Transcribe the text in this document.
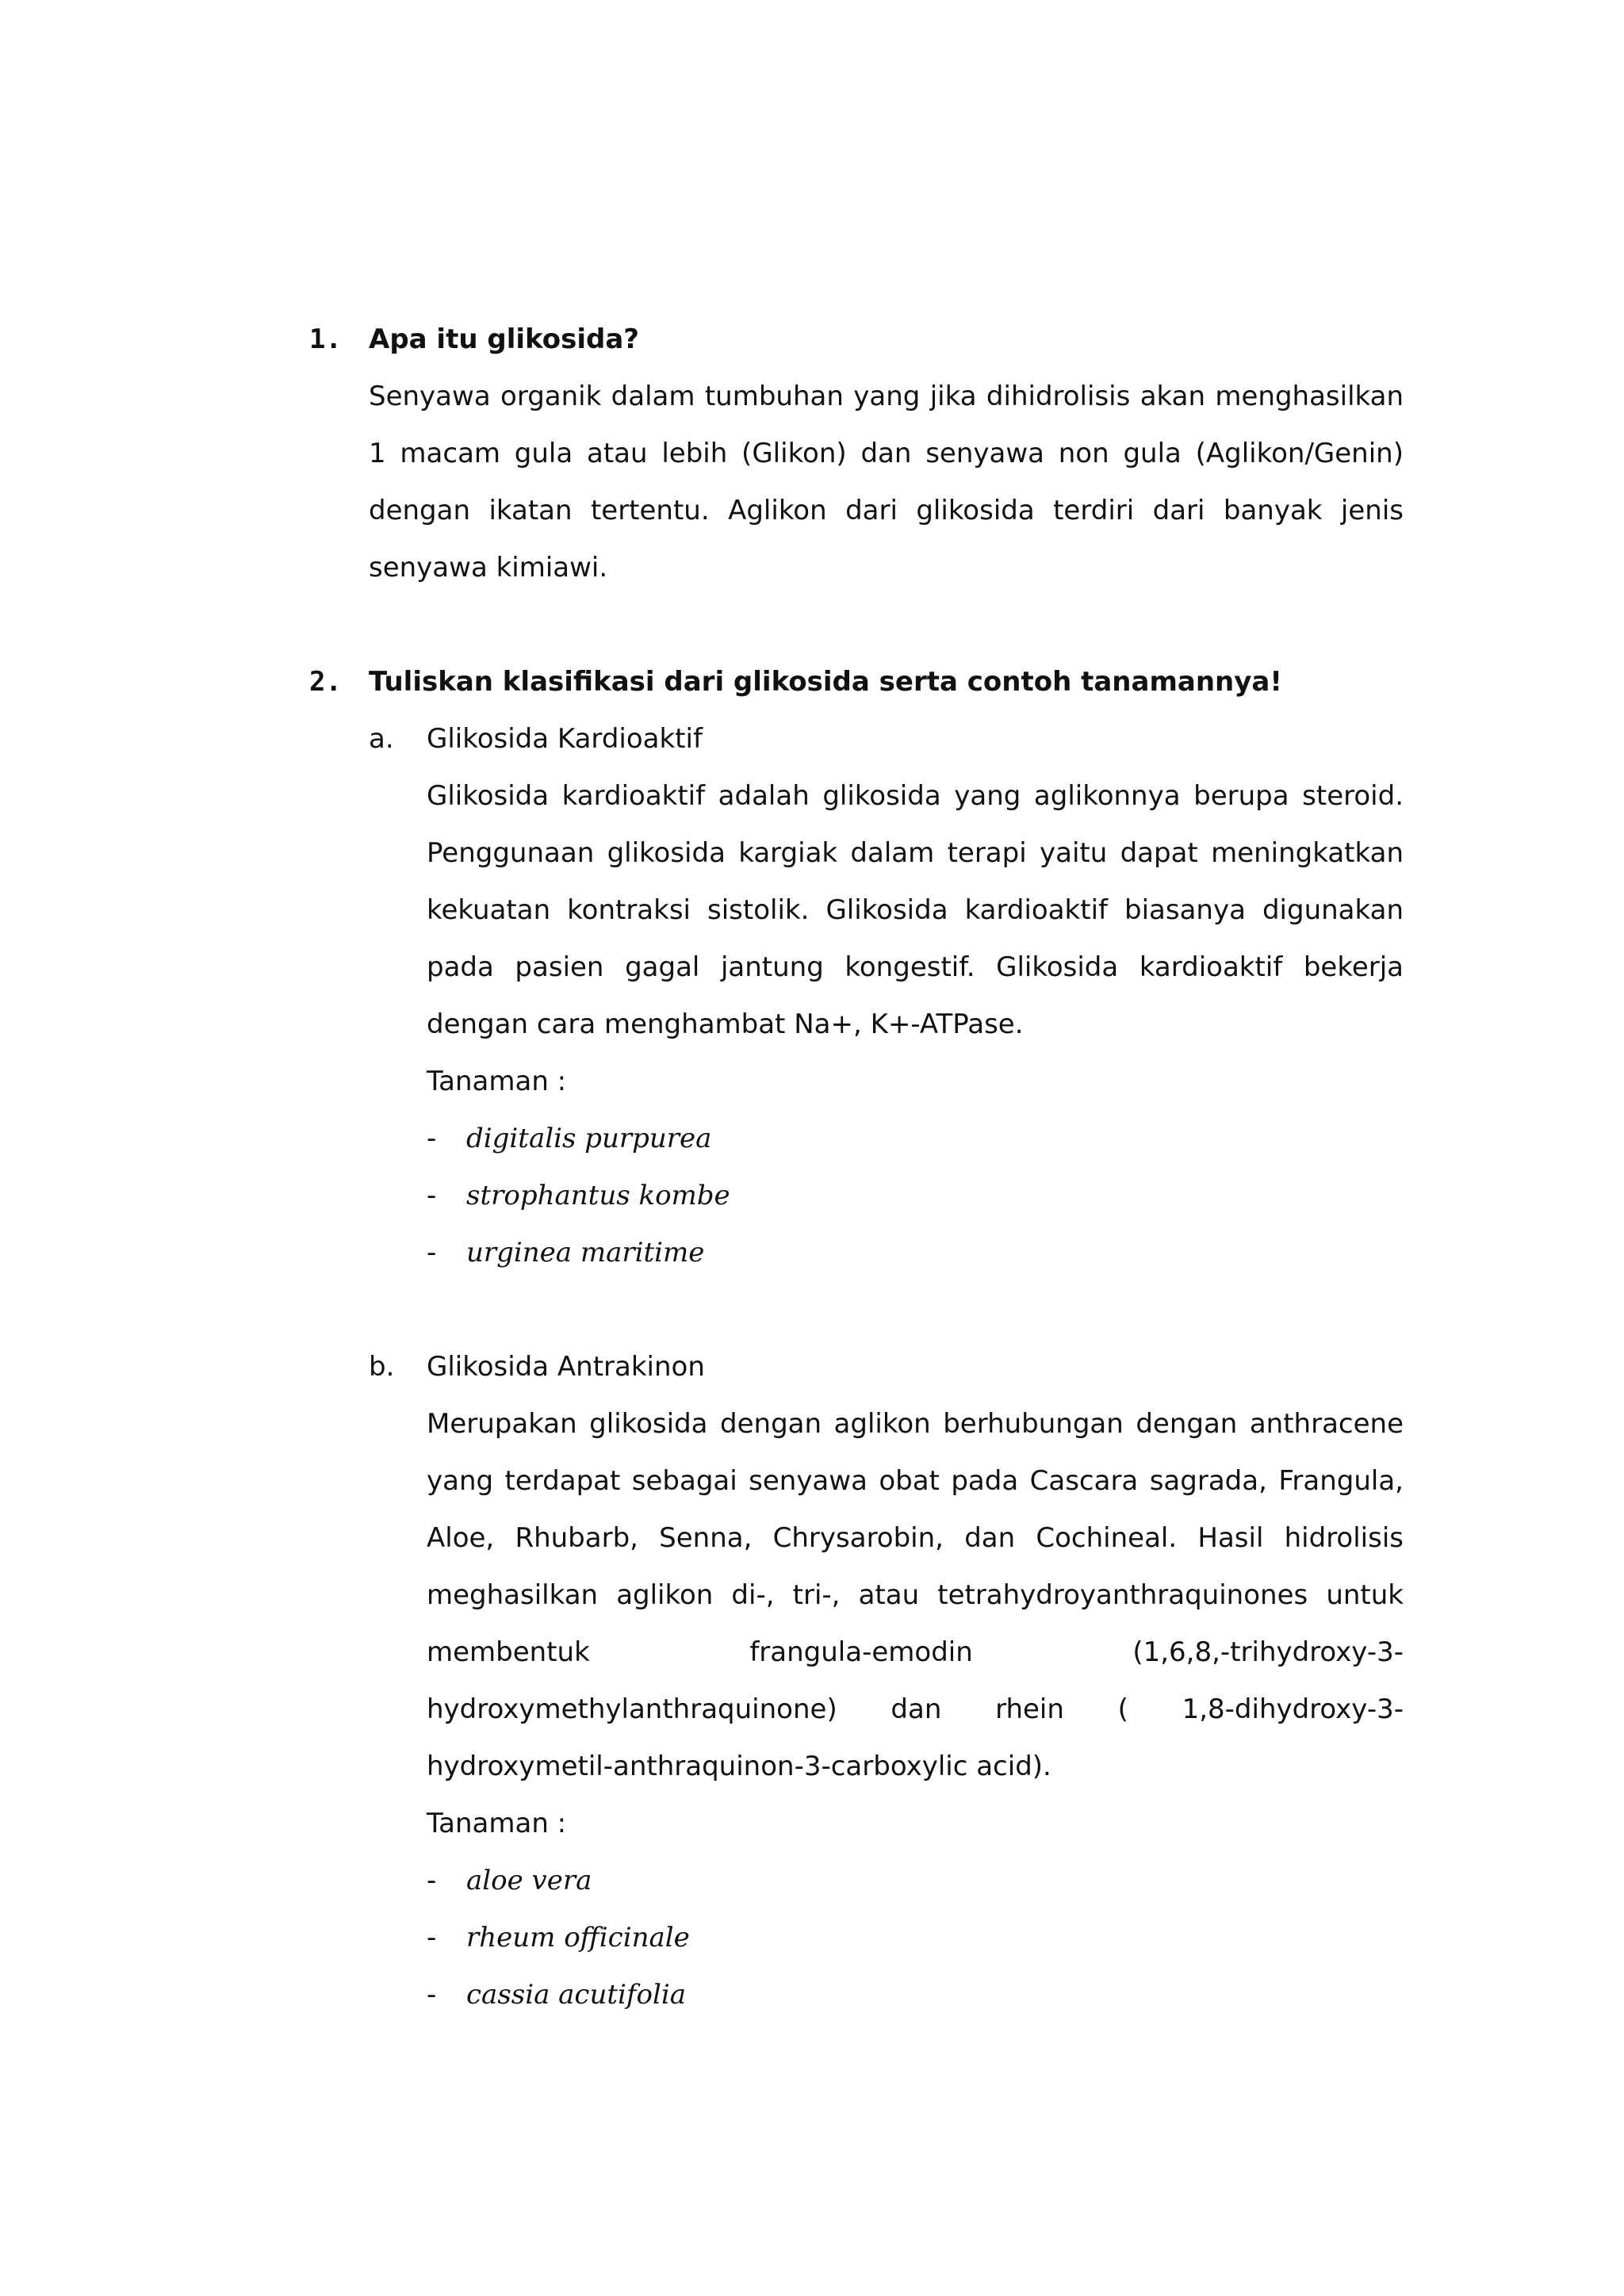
1. Apa itu glikosida?

Senyawa organik dalam tumbuhan yang jika dihidrolisis akan menghasilkan 1 macam gula atau lebih (Glikon) dan senyawa non gula (Aglikon/Genin) dengan ikatan tertentu. Aglikon dari glikosida terdiri dari banyak jenis senyawa kimiawi.

2. Tuliskan klasifikasi dari glikosida serta contoh tanamannya!

a. Glikosida Kardioaktif

Glikosida kardioaktif adalah glikosida yang aglikonnya berupa steroid. Penggunaan glikosida kargiak dalam terapi yaitu dapat meningkatkan kekuatan kontraksi sistolik. Glikosida kardioaktif biasanya digunakan pada pasien gagal jantung kongestif. Glikosida kardioaktif bekerja dengan cara menghambat Na+, K+-ATPase.

Tanaman :

- digitalis purpurea
- strophantus kombe
- urginea maritime
b. Glikosida Antrakinon

Merupakan glikosida dengan aglikon berhubungan dengan anthracene yang terdapat sebagai senyawa obat pada Cascara sagrada, Frangula, Aloe, Rhubarb, Senna, Chrysarobin, dan Cochineal. Hasil hidrolisis meghasilkan aglikon di-, tri-, atau tetrahydroyanthraquinones untuk membentuk frangula-emodin (1,6,8,-trihydroxy-3-hydroxymethylanthraquinone) dan rhein ( 1,8-dihydroxy-3-hydroxymetil-anthraquinon-3-carboxylic acid).

Tanaman :

- aloe vera
- rheum officinale
- cassia acutifolia
